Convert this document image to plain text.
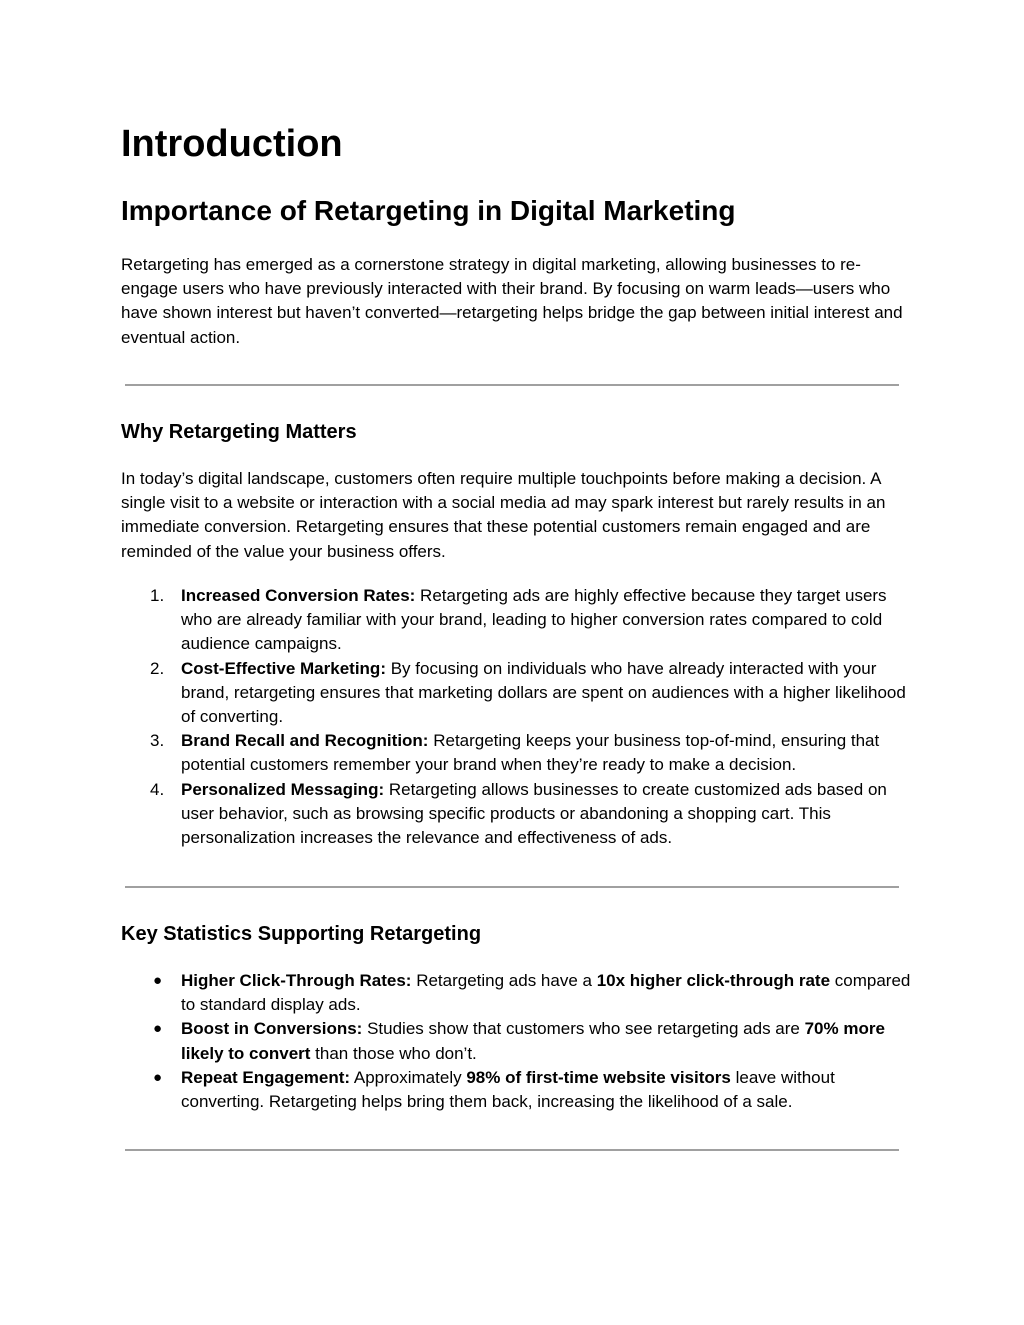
Introduction
Importance of Retargeting in Digital Marketing

Retargeting has emerged as a cornerstone strategy in digital marketing, allowing businesses to re-engage users who have previously interacted with their brand. By focusing on warm leads—users who have shown interest but haven’t converted—retargeting helps bridge the gap between initial interest and eventual action.

Why Retargeting Matters

In today’s digital landscape, customers often require multiple touchpoints before making a decision. A single visit to a website or interaction with a social media ad may spark interest but rarely results in an immediate conversion. Retargeting ensures that these potential customers remain engaged and are reminded of the value your business offers.

1. Increased Conversion Rates: Retargeting ads are highly effective because they target users who are already familiar with your brand, leading to higher conversion rates compared to cold audience campaigns.
2. Cost-Effective Marketing: By focusing on individuals who have already interacted with your brand, retargeting ensures that marketing dollars are spent on audiences with a higher likelihood of converting.
3. Brand Recall and Recognition: Retargeting keeps your business top-of-mind, ensuring that potential customers remember your brand when they’re ready to make a decision.
4. Personalized Messaging: Retargeting allows businesses to create customized ads based on user behavior, such as browsing specific products or abandoning a shopping cart. This personalization increases the relevance and effectiveness of ads.
Key Statistics Supporting Retargeting
● Higher Click-Through Rates: Retargeting ads have a 10x higher click-through rate compared to standard display ads.
● Boost in Conversions: Studies show that customers who see retargeting ads are 70% more likely to convert than those who don’t.
● Repeat Engagement: Approximately 98% of first-time website visitors leave without converting. Retargeting helps bring them back, increasing the likelihood of a sale.
